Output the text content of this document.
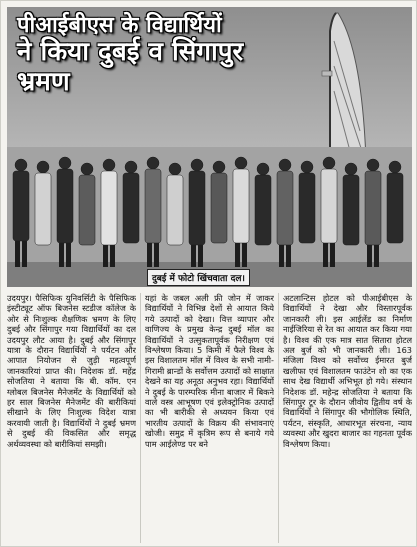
पीआईबीएस के विद्यार्थियों
ने किया दुबई व सिंगापुर
भ्रमण
दुबई में फोटो खिंचवाता दल।

उदयपुर। पैसिफिक युनिवर्सिटी के पैसिफिक इंस्टीट्यूट ऑफ बिजनेस स्टडीज कॉलेज के ओर से निःशुल्क शैक्षणिक भ्रमण के लिए दुबई और सिंगापुर गया विद्यार्थियों का दल उदयपुर लौट आया है। दुबई और सिंगापुर यात्रा के दौरान विद्यार्थियों ने पर्यटन और आपात नियोजन से जुड़ी महत्वपूर्ण जानकारियां प्राप्त की। निदेशक डॉ. महेंद्र सोजतिया ने बताया कि बी. कॉम. एन ग्लोबल बिजनेस मैनेजमेंट के विद्यार्थियों को हर साल बिजनेस मैनेजमेंट की बारीकियां सीखाने के लिए निःशुल्क विदेश यात्रा करवायी जाती है। विद्यार्थियों ने दुबई भ्रमण से दुबई की विकसित और समृद्ध अर्थव्यवस्था को बारीकियां समझी।

यहां के जबल अली फ्री जोन में जाकर विद्यार्थियों ने विभिन्न देशों से आयात किये गये उत्पादों को देखा। वित्त व्यापार और वाणिज्य के प्रमुख केन्द्र दुबई मॉल का विद्यार्थियों ने उत्सुकतापूर्वक निरीक्षण एवं विश्लेषण किया। 5 किमी में फैले विश्व के इस विशालतम मॉल में विश्व के सभी नामी-गिरामी ब्रान्डों के सर्वोत्तम उत्पादों को साक्षात देखने का यह अनूठा अनुभव रहा। विद्यार्थियों ने दुबई के पारम्परिक मीना बाजार में बिकने वाले वस्त्र आभूषण एवं इलेक्ट्रोनिक उत्पादों का भी बारीकी से अध्ययन किया एवं भारतीय उत्पादों के विक्रय की संभावनाएं खोजी। समुद्र में कृत्रिम रूप से बनाये गये पाम आईलेण्ड पर बने

अटलान्टिस होटल को पीआईबीएस के विद्यार्थियों ने देखा और विस्तारपूर्वक जानकारी ली। इस आईलेंड का निर्माण नाईजिरिया से रेत का आयात कर किया गया है। विश्व की एक मात्र सात सितारा होटल अल बुर्ज को भी जानकारी ली। 163 मंजिला विश्व को सर्वोच्च ईमारत बुर्ज खलीफा एवं विशालतम फाउंटेन शो का एक साथ देख विद्यार्थी अभिभूत हो गये। संस्थान निदेशक डॉ. महेन्द्र सोजतिया ने बताया कि सिंगापुर टूर के दौरान जीवोय द्वितीय वर्ष के विद्यार्थियों ने सिंगापुर की भौगोलिक स्थिति, पर्यटन, संस्कृति, आधारभूत संरचना, न्याय व्यवस्था और खुदरा बाजार का गहनता पूर्वक विश्लेषण किया।
